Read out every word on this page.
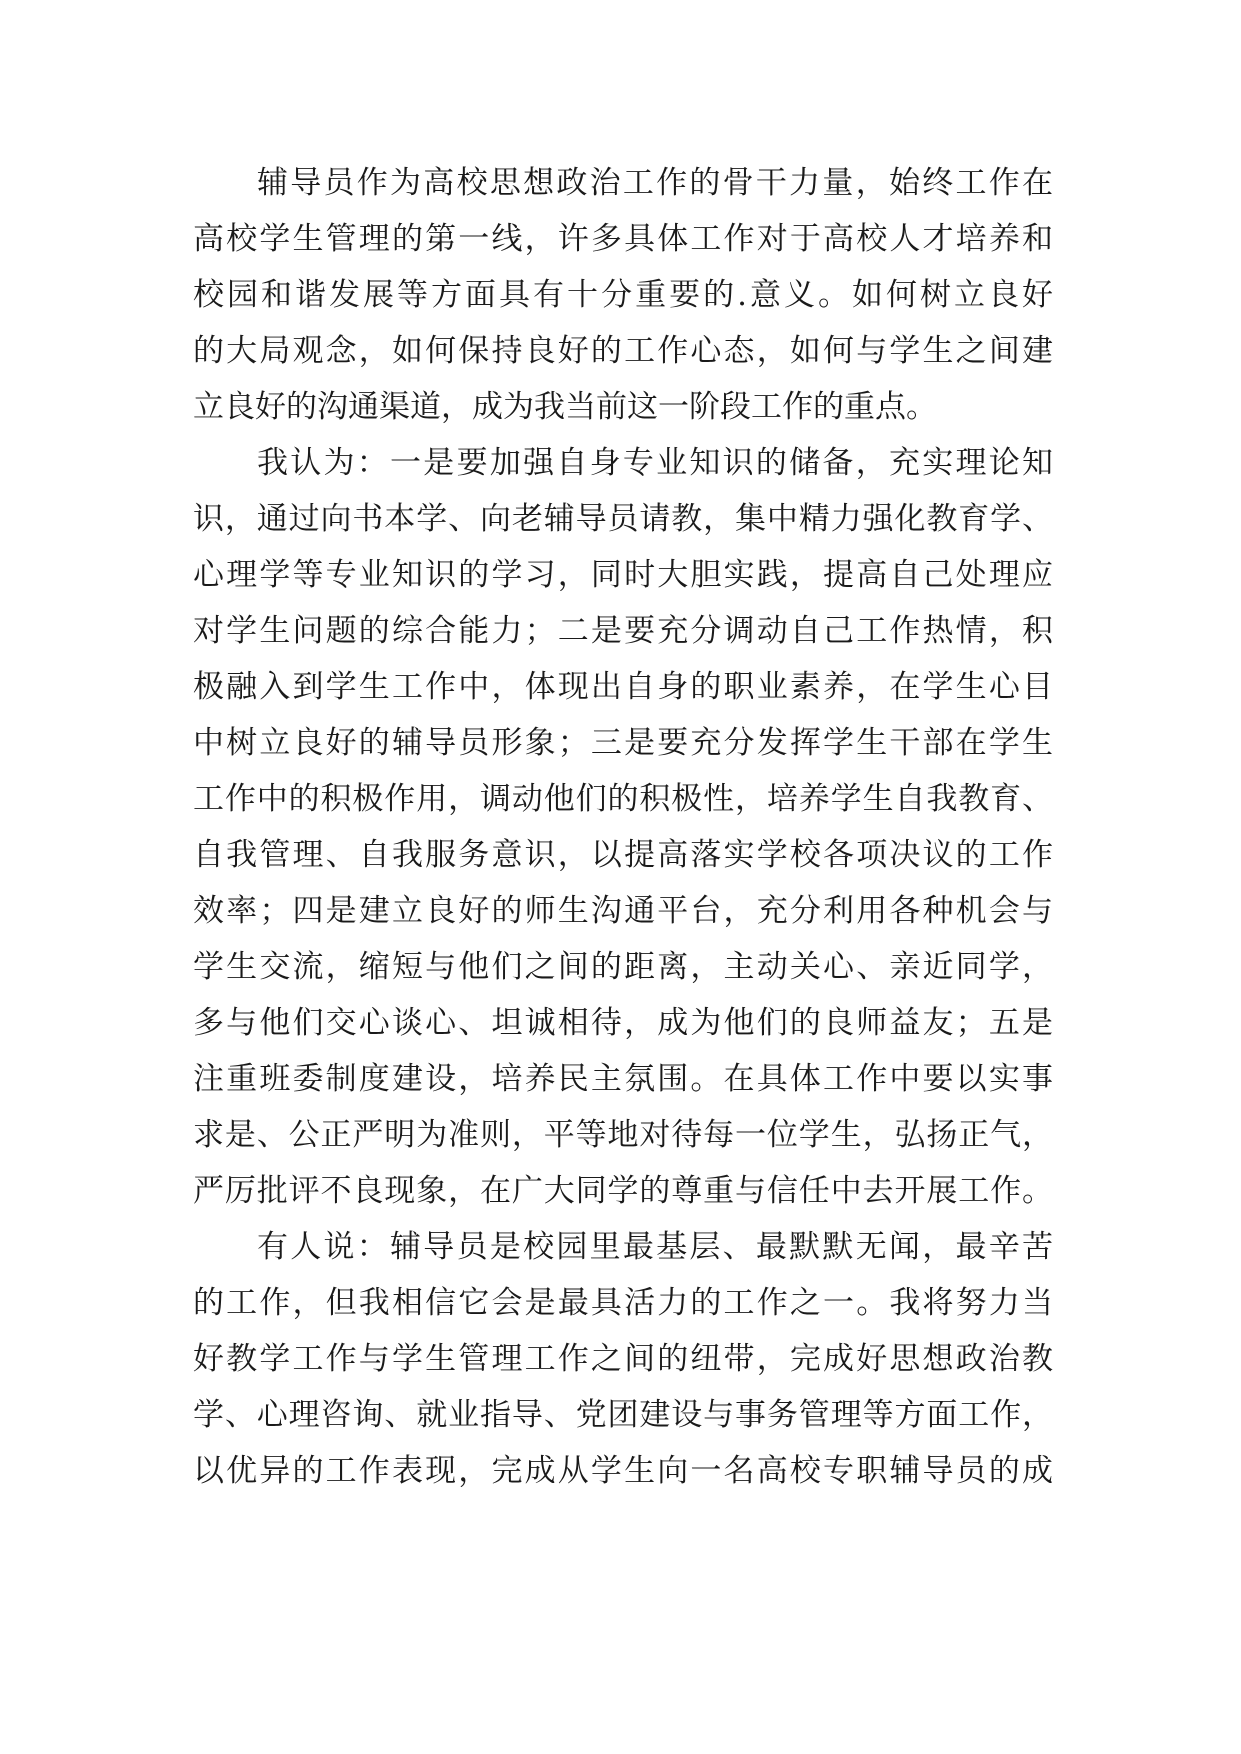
辅导员作为高校思想政治工作的骨干力量，始终工作在
高校学生管理的第一线，许多具体工作对于高校人才培养和
校园和谐发展等方面具有十分重要的.意义。如何树立良好
的大局观念，如何保持良好的工作心态，如何与学生之间建
立良好的沟通渠道，成为我当前这一阶段工作的重点。
我认为：一是要加强自身专业知识的储备，充实理论知
识，通过向书本学、向老辅导员请教，集中精力强化教育学、
心理学等专业知识的学习，同时大胆实践，提高自己处理应
对学生问题的综合能力；二是要充分调动自己工作热情，积
极融入到学生工作中，体现出自身的职业素养，在学生心目
中树立良好的辅导员形象；三是要充分发挥学生干部在学生
工作中的积极作用，调动他们的积极性，培养学生自我教育、
自我管理、自我服务意识，以提高落实学校各项决议的工作
效率；四是建立良好的师生沟通平台，充分利用各种机会与
学生交流，缩短与他们之间的距离，主动关心、亲近同学，
多与他们交心谈心、坦诚相待，成为他们的良师益友；五是
注重班委制度建设，培养民主氛围。在具体工作中要以实事
求是、公正严明为准则，平等地对待每一位学生，弘扬正气，
严厉批评不良现象，在广大同学的尊重与信任中去开展工作。
有人说：辅导员是校园里最基层、最默默无闻，最辛苦
的工作，但我相信它会是最具活力的工作之一。我将努力当
好教学工作与学生管理工作之间的纽带，完成好思想政治教
学、心理咨询、就业指导、党团建设与事务管理等方面工作，
以优异的工作表现，完成从学生向一名高校专职辅导员的成
